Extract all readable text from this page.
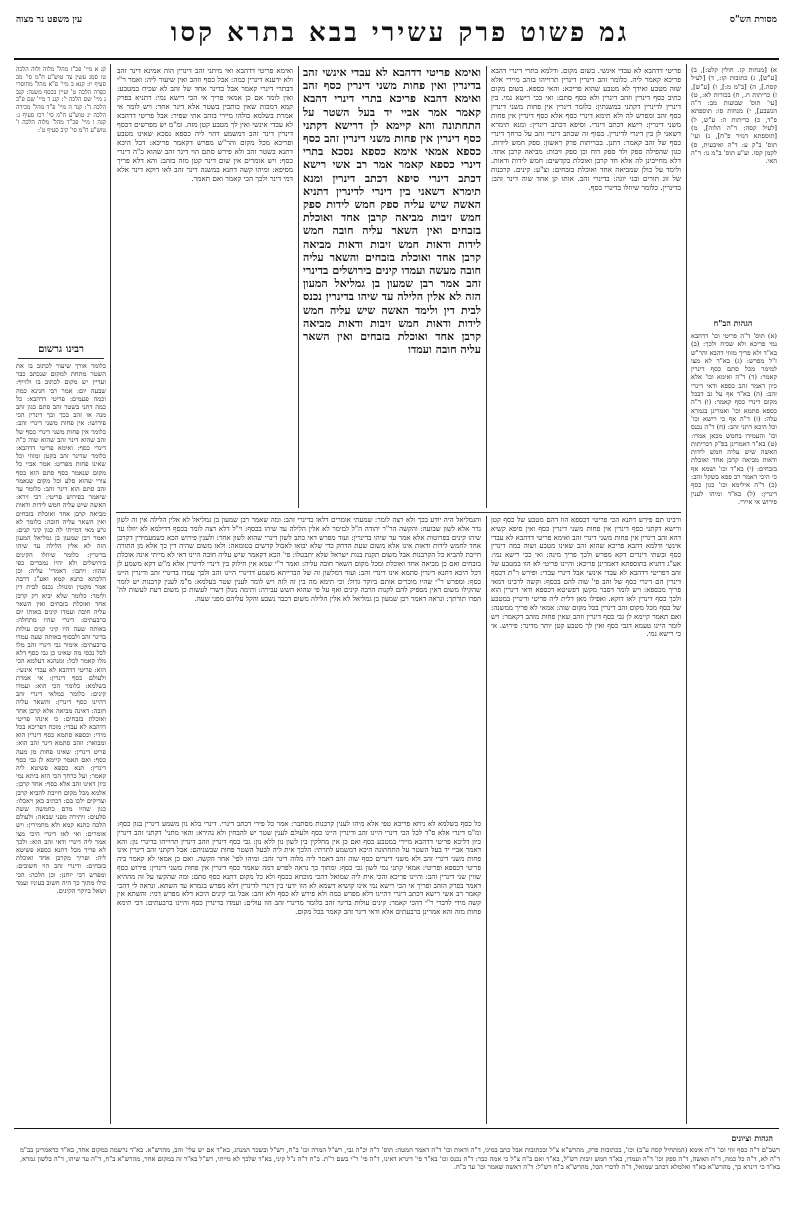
מסורת הש"ס
גמ פשוט פרק עשירי בבא בתרא קסו
עין משפט נר מצוה
א) [מנחות קז. חולין קלט:], ב) [ע"ש], ג) כתובות קז:, ד) [לעיל קסה.], ה) [ב"מ מ:], ו) [ע"ש], ז) כריתות ח., ח) בכורות לא:, ט) [עי' תוס' שבועות מב: ד"ה הנשבע], י) מנחות סו: תוספתא פ"ד, כ) כריתות ה: ע"ש, ל) [לעיל קסה: ד"ה הלוה], מ) [תוספתא דנזיר פ"ח], נ) ועי' תוס' ב"ק ע: ד"ה ואיבעית, ס) לקמן קסו. וע"ע תוס' ב"מ נו: ד"ה האי.
הגהות הב"ח
(א) תוס' ד"ה פריטי וכו' דדהבא נמי פריכא ולא שכיח ולכך: (ב) בא"ד ולא פריך מזוזי דהבא והר"ש ז"ל מפרש: (ג) בא"ד לא מצו למימר מכל סתם כסף דינרין קאמר: (ד) ד"ה ואימא וכו' אלא כיון דאמר זהב כספא ודאי דינרי זהב: (ה) בא"ד אף על גב דבכל מקום דינרי כסף קאמר: (ו) ד"ה כספא סתמא וכו' ואמרינן בגמרא עלה: (ז) ד"ה אף כי רישא וכו' וכל היכא דתני זהב: (ח) ד"ה נכנס וכו' והעמידו בחמש מכאן אמרו: (ט) בא"ד דאמרינן בפ"ק דכריתות האשה שיש עליה חמש לידות ודאות מביאה קרבן אחד ואוכלת בזבחים: (י) בא"ד וכו' ושמא אף כי היכי דאמר רב פפא בשקל זהב: (כ) ד"ה אילימא וכו' כגון כסף דינרין: (ל) בא"ד ומיהו לענין פירוש אי איירי.
פריטי דדהבא לא עבדי אינשי. בשום מקום. ודלמא בתרי דינרי דהבא פריכא קאמר ליה. כלומר זהב דינרין דינרין תרוייהו בזהב מיירי אלא שזה מטבע ואידך לא מטבע שהוא פריכא: והאי כספא. בשום מקום כתיב כסף דינרין וזהב דינרין ולא כסף סתם: ואי ככי רישא נמי. בין דינרין לדינרין דקתני במשנתין: כלומר דינרין אין פחות משני דינרין כסף זהב ומפרש לה ולא תימא דינרי כסף אלא כסף דינרין אין פחות משני דינרין: רישא דכתב דינרי. וסיפא דכתב דינרין: ומנא תימרא דשאני לן בין דינרי לדינרין. בסוף זה שכתב דינרי זהב על כרחך דינרי כסף של זהב קאמר: דתנן. בכריתות פרק ראשון: ספק חמש לידות. כגון שהפילה ספק ולד ספק רוח וכן ספק זיבות: מביאה קרבן אחד. דלא מחייבינן לה אלא חד קרבן ואוכלת בקדשים: חמש לידות ודאות. ולימד על כולן שמביאה אחד ואוכלת בזבחים: וצ"ע: קינים. קרבנות של זוג תורים ובני יונה: בדינרי זהב. אותו קן אחד שוה דינר זהב: בדינרין. כלומר שיוזלו בדינרי כסף.
ואימא פריטי דדהבא לא עבדי אינשי זהב בדינרין ואין פחות משני דינרין כסף זהב ואימא דהבא פריכא בתרי דינרי דהבא קאמר אמר אביי יד בעל השטר על התחתונה והא קיימא לן דרישא דקתני כסף דינרין אין פחות משני דינרין זהב כסף כספא אמאי אימא כספא נסכא בתרי דינרי כספא קאמר אמר רב אשי רישא דכתב דינרי סיפא דכתב דינרין ומנא תימרא דשאני בין דינרי לדינרין דתניא האשה שיש עליה ספק חמש לידות ספק חמש זיבות מביאה קרבן אחד ואוכלת בזבחים ואין השאר עליה חובה חמש לידות ודאות חמש זיבות ודאות מביאה קרבן אחד ואוכלת בזבחים והשאר עליה חובה מעשה ועמדו קינים בירושלים בדינרי זהב אמר רבן שמעון בן גמליאל המעון הזה לא אלין הלילה עד שיהו בדינרין נכנס לבית דין ולימד האשה שיש עליה חמש לידות ודאות חמש זיבות ודאות מביאה קרבן אחד ואוכלת בזבחים ואין השאר עליה חובה ועמדו
ואימא פריטי דדהבא ואי מיתני זהב דינרין הוה אמינא דינר זהב ולא ידענא דינרין כמה: אבל כסף וזהב ואין שיעור ליה: ואמר ר"י דבתרי דינרי קאמר אבל בדינר אחד של זהב לא שכיח במטבע: ואין לומר אם כן אמאי פריך אי הכי רישא נמי: דתניא בפרק קמא דמכות שאין כותבין בשטר אלא דינר אחד: ויש לומר אי אמרת בשלמא כולהו מיירי בזהב אתי שפיר: אבל פריטי דדהבא לא עבדי אינשי ואין לך מטבע קטן מזה. ומ"מ יש מפרשים דכסף דינרין דינר זהב דמשמע דהוי ליה כספא נסכא שאינו מטבע ופריכא מכל מקום והר"ש מפרש דקאמר פריכא: דכל היכא דתנא בשטר זהב ולא פירש סתם הוי דינר זהב שהוא כ"ה דינרי כסף: ויש אומרים אין שום דינר קטן מזה בזהב: והא דלא פריך מסיפא: ומיהו קשה דתנא במשנה דינר זהב לאו דוקא דינר אלא דמי דינר ולכך הכי קאמר ואם תאמר.
קנ א מיי' פכ"ז מהל' מלוה ולוה הלכה טו סמג עשין צד טוש"ע ח"מ סי' מב סעיף יז: קנא ב מיי' פ"א מהל' מחוסרי כפרה הלכה ט' ועיין בכסף משנה: קנב ג מיי' שם הלכה י': קנג ד מיי' שם פ"ב הלכה ד': קנד ה מיי' פ"ד מהל' מכירה הלכה יג טוש"ע ח"מ סי' רכז סעיף ג: קנה ו מיי' פכ"ד מהל' מלוה הלכה ו' טוש"ע ח"מ סי' קיב סעיף ט':
רבינו גרשום
כלומר אורך שיעור לכתוב בו את השטר מתחת למקום שנכתב כבר ועדיין יש מקום לכתוב בו ולזייף: שבעה יום: אמר רבי חנינא כמה וכמה פעמים: פריטי דדהבא: כל כמה דתני בשטר זהב סתם כגון זהב מנה או זהב בכך וכך דינרין הכי פירושו: אין פחות משני דינרי זהב: כלומר אין פחות משני דינרי כסף של זהב שהוא דינר זהב שהוא שוה כ"ה דינרי כסף: ואימא פריטי דדהבא: כלומר שדינר זהב בקטן ומזוזי וכל שאינו פחות מפריט: אמר אביי כל מקום שנאמר כסף סתם הוא כסף צורי שהוא סלע וכל מקום שנאמר זהב סתם הוא דינר זהב: כלומר עד שיאמר בפירוש פריטי: רבי זירא: האשה שיש עליה חמש לידות ודאות מביאה קרבן אחד ואוכלת בזבחים ואין השאר עליה חובה: כלומר לא גרע מאי דמייתי לה כגון קיני קנים: ואמר רבן שמעון בן גמליאל המעון הזה לא אלין הלילה עד שיהו בדינרין: כלומר שיוזלו הקינים בירושלים ולא יהיו נמכרים כפי שהוו: ויתבו: דאמרי' עליה: וכן הלכתא כתנא קמא ואע"ג דרבה אמר מקטין ומנוול: נכנס לבית דין ולימד: כלומר שלא יביא רק קרבן אחד ואוכלת בזבחים ואין השאר עליה חובה ועמדו קינים באותו יום ברבעתים: דינרי שהיו מתחלה: באותה שעה היו קיני קנים עולות בדינר זהב ולבסוף באותה שעה עמדו ברבעתים: אימור גבי דינרי זהב מלו לכל נכסי מה שאינו כן גבי כסף דלא מלו קאמר לכל: ומנהגא דעלמא הכי הוא: פריטי דדהבא לא עבדי אינשי: ולעולם כסף דינרין: אי אמרת בשלמא: כלומר הכי הוא: ועמדו קינים: כלומר כמלאי דינרי זהב דהיינו כסף דינרין: והשאר עליה חובה: דאינה מביאה אלא קרבן אחד ואוכלת בזבחים: כי אינהו פריטי דדהבא לא עבדי: מוכח דפריכא בכל מידי: וכספא סתמא כסף דינרין הוא ומבואר: וזהב סתמא דינר זהב הוא: פריט דינרין: שאינו פחות מן מעה כסף: ואם תאמר קיימא לן גבי כסף דינרין: תנא כספא פשיטא ליה קאמר: ועל כרחך הכי הוא ביתא נמי כיון דאינו זהב אלא כסף: אחד קרבן: אלמא מכל מקום חייבת להביא קרבן וצדיקים ילכו בם: דכתיב כאן ויאכלו: כגון שהיו מדם כחמשה ששה סלעים: ויתירה מפני שבאה: ולעולם הלכה כתנא קמא ולא מחמירין: ויש אומרים: ואי לאו דינרי היכי מצי אמר ליה דינרי ודאי זהב הוא: ולכך לא פריך מכל דתנא כספא פשיטא ליה: ופריך מקרבן אחד ואוכלת בזבחים: ודינרי זהב הוי חשובים: ומפרש רבי יוחנן: וכן הלכה: הכי כולו מתוך כך היה חשוב בעיניו ועמד ושאל ביוקר הקינים.
ורבינו תם פירש דתנא הכי פריטי דכספא הוו דהם מטבע של כסף קטן ורישא דקתני כסף דינרין אין פחות משני דינרין כסף ואין סיפא קשיא דהא זהב דינרין אין פחות משני דינרי זהב ואימא פריטי דדהבא לא עבדי אינשי ודלמא דהבא פריכא שהוא זהב שאינו מטבע ושוה כמה דינרין כסף ובשתי דינרים דקא מפרש ולכך פריך מינה: ואי ככי רישא נמי: אע"ג דתניא בתוספתא דאמרינן פריכא: והיינו פריטי לא הוו במטבע של זהב דפריטי דדהבא לא עבדי אינשי אבל דינרי עבדי: ופירש ר"ת דכסף דינרין הם דינרי כסף של זהב פי' שוה להם בכסף: וקשה לרבינו דמאי פריך מכספא: ויש לומר דסבר מקשן דפשיטא דכספא ודאי דינרין הוא ולכך כסף דינרין לאו דוקא. ואפילו מאן דלית ליה פריטי ודינרין במטבע של כסף מכל מקום זהב דינרין בכל מקום שוה: אמאי לא פריך ממשנה: ואם תאמר קיימא לן גבי כסף דינרין וזהב שאין פחות מזהב דקאמר: ויש לומר היינו טעמא דגבי כסף ואין לך מטבע קטן יותר מדינר: פירוש. אי כי רישא נמי.
והגמליאל היה יודע בכך ולא רצה לומר: שמעתי אומרים דלאו כדינרי זהב: ומה שאמר רבן שמעון בן גמליאל לא אלין הלילה אין זה לשון נדר אלא לשון שבועה: והקשה הר"ר יהודה ה"ל למימר לא אלין הלילה עד שיהו בכסף: וי"ל דלא רצה לומר בכסף דדילמא לא יוזלו עד שיהו קינים בפרוטות אלא אמר עד שיהו בדינרין: ועוד מפרש דאי כתב לשון דינרי שהוא לשון אחר: ולענין פירוש הכא כשמעמידין דקרבן אחד לחמש לידות ודאות אינו אלא משום שעת הדחק כדי שלא יבואו לאכול קדשים בטומאה: ולאו משום שהיה דין כך אלא מן התורה חייבת להביא כל הקרבנות אבל משום תקנת בנות ישראל שלא יתבטלו: פי' הכא דקאמר שיש עליה חובה היינו דאי לא מייתי אינה אוכלת בזבחים ואם כן מביאה אחד ואוכלת ומכל מקום השאר חובה עליה: ואמר ר"י שמא אין חילוק בין דינרי לדינרין אלא מ"ש דקא משמע לן דכל היכא דתנא דינרין סתמא אינו דינרי זהב: ועוד דמלשון זה של הברייתא משמע דדינרי היינו זהב ולכך עמדו בדינרי זהב ודינרין היינו כסף: ומפרש ר"י שהיו מוכרים אותם ביוקר גדול: וכי תימא מה בין זה לזה ויש לומר לענין שטר בעלמא: מ"מ לענין קרבנות יש לומר שהקילו משום דאין מספיק להם לקנות הרבה קינים ואף על פי שהוא חשש עבירה: ותימה מנלן דשרי לעשות כן משום דעת לעשות לה' הפרו תורתך: ונראה דאמר רבן שמעון בן גמליאל לא אלין הלילה משום דכבר נשבע והקל עליהם מפני שעה.
כל כסף בשלמא לא ניחא פריכא טפי אלא מיהו לענין קרבנות מסתבר: אמר כל פירי דכתב דינרי. דינרי בלא נון משמע דינרין בנון כסף: ומ"מ דינרי אלא ס"ד לכל הכי דינרי היינו זהב ודינרין היינו כסף ולעולם לענין שטר יש להבחין ולא נהירא: והאי מתני' דקתני זהב דינרין כיון דליכא פריטי דדהבא מיירי במטבע כסף ואם כן אין מחלקין בין לשון נון ללא נון: גבי כסף דינרין וזהב דינרין תרוייהו בדינרי נון: והא דאמר אביי יד בעל השטר על התחתונה היכא דמשמע לתרתי: הלכך אית ליה לבעל השטר פחות שבשניהם: אבל דקתני זהב דינרין אינו פחות משני דינרי זהב ולא משני דינרים כסף שוה זהב דאמר ליה מלוה דינר זהב: ומיהו לפי' אחר הקשה. ואם כן אמאי לא קאמר ביה פריטי דכספא ופריטי: אמאי קתני נמי לשון גבי כסף: ומתוך כך נראה לפרש דמה שאמר כסף דינרין אין פחות משני דינרין: פירוש כסף שווין שני דינרין זהב: והיינו פריכא והכי אית ליה שמואל דהכי מוכחא בכסף ולא כל מקום דתנא כסף סתם: ומה שהקשו על זה מההיא דאמר בפרק הזהב ופריך אי הכי רישא נמי אינו קושיא דשמא לא הוו ידעי בין דינרי לדינרין דלא מפרש בגמרא עד השתא. ונראה לי דהכי קאמר רב אשי רישא דכתב דינרי דהיינו דלא מפרש כמה ולא פירש לא כסף ולא זהב: אבל גבי קינים היכא דלא מפרש דמי: והשתא אין קשה מידי לדברי ר"י דהכי קאמר: קינים עולות בדינר זהב כלומר מדינרי זהב הוו עולים: ועמדו בדינרין כסף והיינו ברבעתים: דכי תימא פחות מזה והא אמרינן ברבעתים אלא ודאי דינר זהב קאמר בכל מקום.
הגהות וציונים
רשב"ם ד"ה כסף זוזי וכו' ד"ה אימא (המתחיל קסה ע"ב) וכו', בכתובות פרק, מהרש"א צ"ל ובכתובות אבל כתב במיגו, ד"ה ודאות וכו' ד"ה דאמר המטה: תוס' ד"ה וכ"ה גבי, רש"ל המרה וכו' ב"ח, רש"ל ובשכר המנהג, בא"ד אם יש עלי' זהב, מהרש"א. בא"ד נרשמה במקום אחד, בא"ד כדאמרינן בב"מ ד"ה לא, ד"ה כל כמה, ד"ה האשה, ד"ה ספק וכו' ד"ה ועמדו, בא"ד חמש זיבות רש"ל, בא"ד ואם ב"ה צ"ל כי אמה כבר: ד"ה נכנס וכו' בא"ד פי' דינרא דאינו, ד"ה פי' ר"י בשם ר"ת. ב"ח ד"ה נ"ל קיני, בא"ד שלכך לא מייתי, רש"ל בא"ד זה במקום אחר, מהרש"א ב"ח, ד"ה עד שיהו, ד"ה בלשון גמרא, בא"ד כי דינרא כך, מהרש"א בא"ד ואלמלא דכתב שמואל, ד"ה לדברי הכל, מהרש"א ב"ח רש"ל: ד"ה ראשה שאמר וכו' עד ב"ח.
